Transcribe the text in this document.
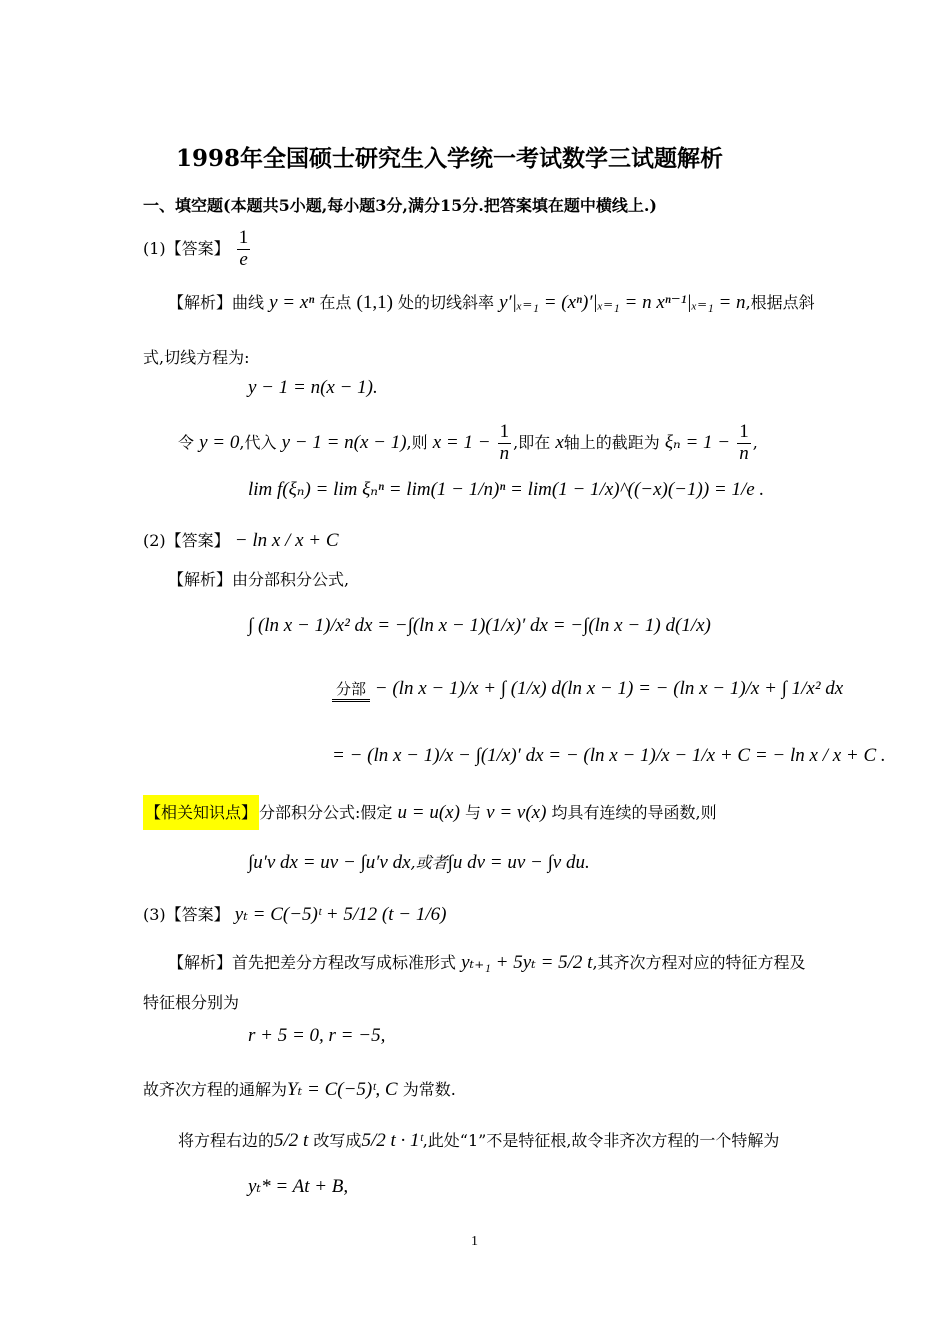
1998年全国硕士研究生入学统一考试数学三试题解析
一、填空题(本题共5小题,每小题3分,满分15分.把答案填在题中横线上.)
(1)【答案】 $\frac{1}{e}$
【解析】曲线 y = xⁿ 在点 (1,1) 处的切线斜率 y′|ₓ₌₁ = (xⁿ)′|ₓ₌₁ = n xⁿ⁻¹|ₓ₌₁ = n,根据点斜
式,切线方程为:
y − 1 = n(x − 1).
令 y = 0,代入 y − 1 = n(x − 1),则 $x = 1 - \frac{1}{n}$ ,即在 x轴上的截距为 $\xi_n = 1 - \frac{1}{n}$ ,
lim f(ξₙ) = lim ξₙⁿ = lim(1 − 1/n)ⁿ = lim(1 − 1/x)^((−x)(−1)) = 1/e .
(2)【答案】 − ln x / x + C
【解析】由分部积分公式,
∫ (ln x − 1)/x² dx = −∫(ln x − 1)(1/x)′ dx = −∫(ln x − 1) d(1/x)
分部 − (ln x − 1)/x + ∫ (1/x) d(ln x − 1) = − (ln x − 1)/x + ∫ 1/x² dx
= − (ln x − 1)/x − ∫(1/x)′ dx = − (ln x − 1)/x − 1/x + C = − ln x / x + C .
【相关知识点】 分部积分公式:假定 u = u(x) 与 v = v(x) 均具有连续的导函数,则
∫u′v dx = uv − ∫u′v dx,或者∫u dv = uv − ∫v du.
(3)【答案】 yₜ = C(−5)ᵗ + 5/12 (t − 1/6)
【解析】首先把差分方程改写成标准形式 yₜ₊₁ + 5yₜ = 5/2 t,其齐次方程对应的特征方程及
特征根分别为
r + 5 = 0, r = −5,
故齐次方程的通解为Yₜ = C(−5)ᵗ, C 为常数.
将方程右边的5/2 t 改写成5/2 t · 1ᵗ,此处“1”不是特征根,故令非齐次方程的一个特解为
yₜ* = At + B,
1
